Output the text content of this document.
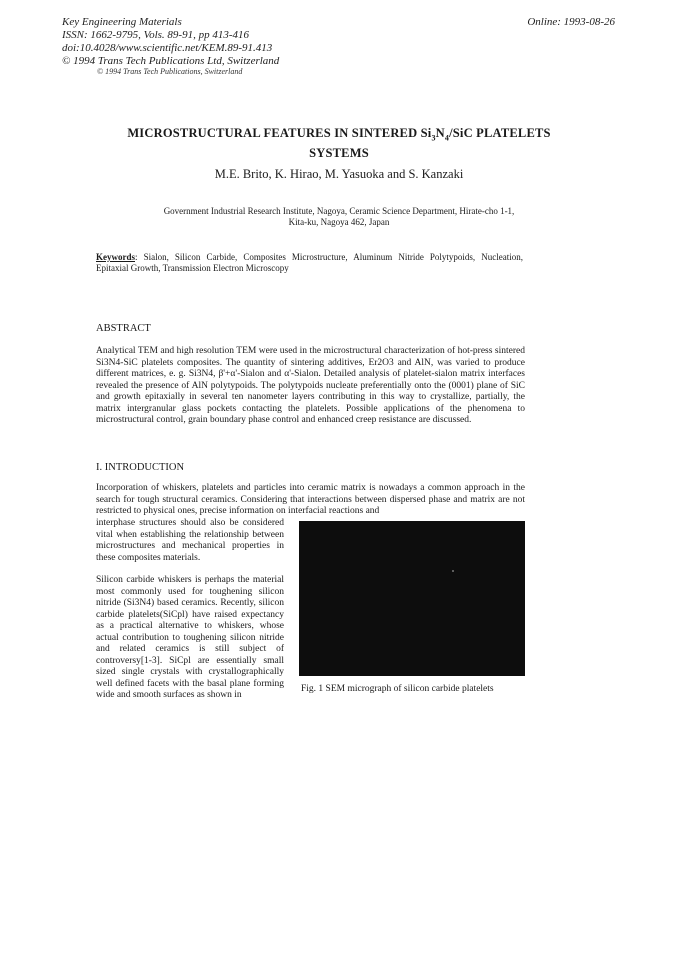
Key Engineering Materials
ISSN: 1662-9795, Vols. 89-91, pp 413-416
doi:10.4028/www.scientific.net/KEM.89-91.413
© 1994 Trans Tech Publications Ltd, Switzerland
Online: 1993-08-26
© 1994 Trans Tech Publications, Switzerland
MICROSTRUCTURAL FEATURES IN SINTERED $Si_3N_4$/SiC PLATELETS
SYSTEMS
M.E. Brito, K. Hirao, M. Yasuoka and S. Kanzaki
Government Industrial Research Institute, Nagoya, Ceramic Science Department, Hirate-cho 1-1,
Kita-ku, Nagoya 462, Japan
Keywords: Sialon, Silicon Carbide, Composites Microstructure, Aluminum Nitride Polytypoids, Nucleation, Epitaxial Growth, Transmission Electron Microscopy
ABSTRACT
Analytical TEM and high resolution TEM were used in the microstructural characterization of hot-press sintered Si3N4-SiC platelets composites. The quantity of sintering additives, Er2O3 and AlN, was varied to produce different matrices, e. g. Si3N4, β'+α'-Sialon and α'-Sialon. Detailed analysis of platelet-sialon matrix interfaces revealed the presence of AlN polytypoids. The polytypoids nucleate preferentially onto the (0001) plane of SiC and growth epitaxially in several ten nanometer layers contributing in this way to crystallize, partially, the matrix intergranular glass pockets contacting the platelets. Possible applications of the phenomena to microstructural control, grain boundary phase control and enhanced creep resistance are discussed.
I. INTRODUCTION
Incorporation of whiskers, platelets and particles into ceramic matrix is nowadays a common approach in the search for tough structural ceramics. Considering that interactions between dispersed phase and matrix are not restricted to physical ones, precise information on interfacial reactions and
interphase structures should also be considered vital when establishing the relationship between microstructures and mechanical properties in these composites materials.
Silicon carbide whiskers is perhaps the material most commonly used for toughening silicon nitride (Si3N4) based ceramics. Recently, silicon carbide platelets(SiCpl) have raised expectancy as a practical alternative to whiskers, whose actual contribution to toughening silicon nitride and related ceramics is still subject of controversy[1-3]. SiCpl are essentially small sized single crystals with crystallographically well defined facets with the basal plane forming wide and smooth surfaces as shown in
Fig. 1 SEM micrograph of silicon carbide platelets
